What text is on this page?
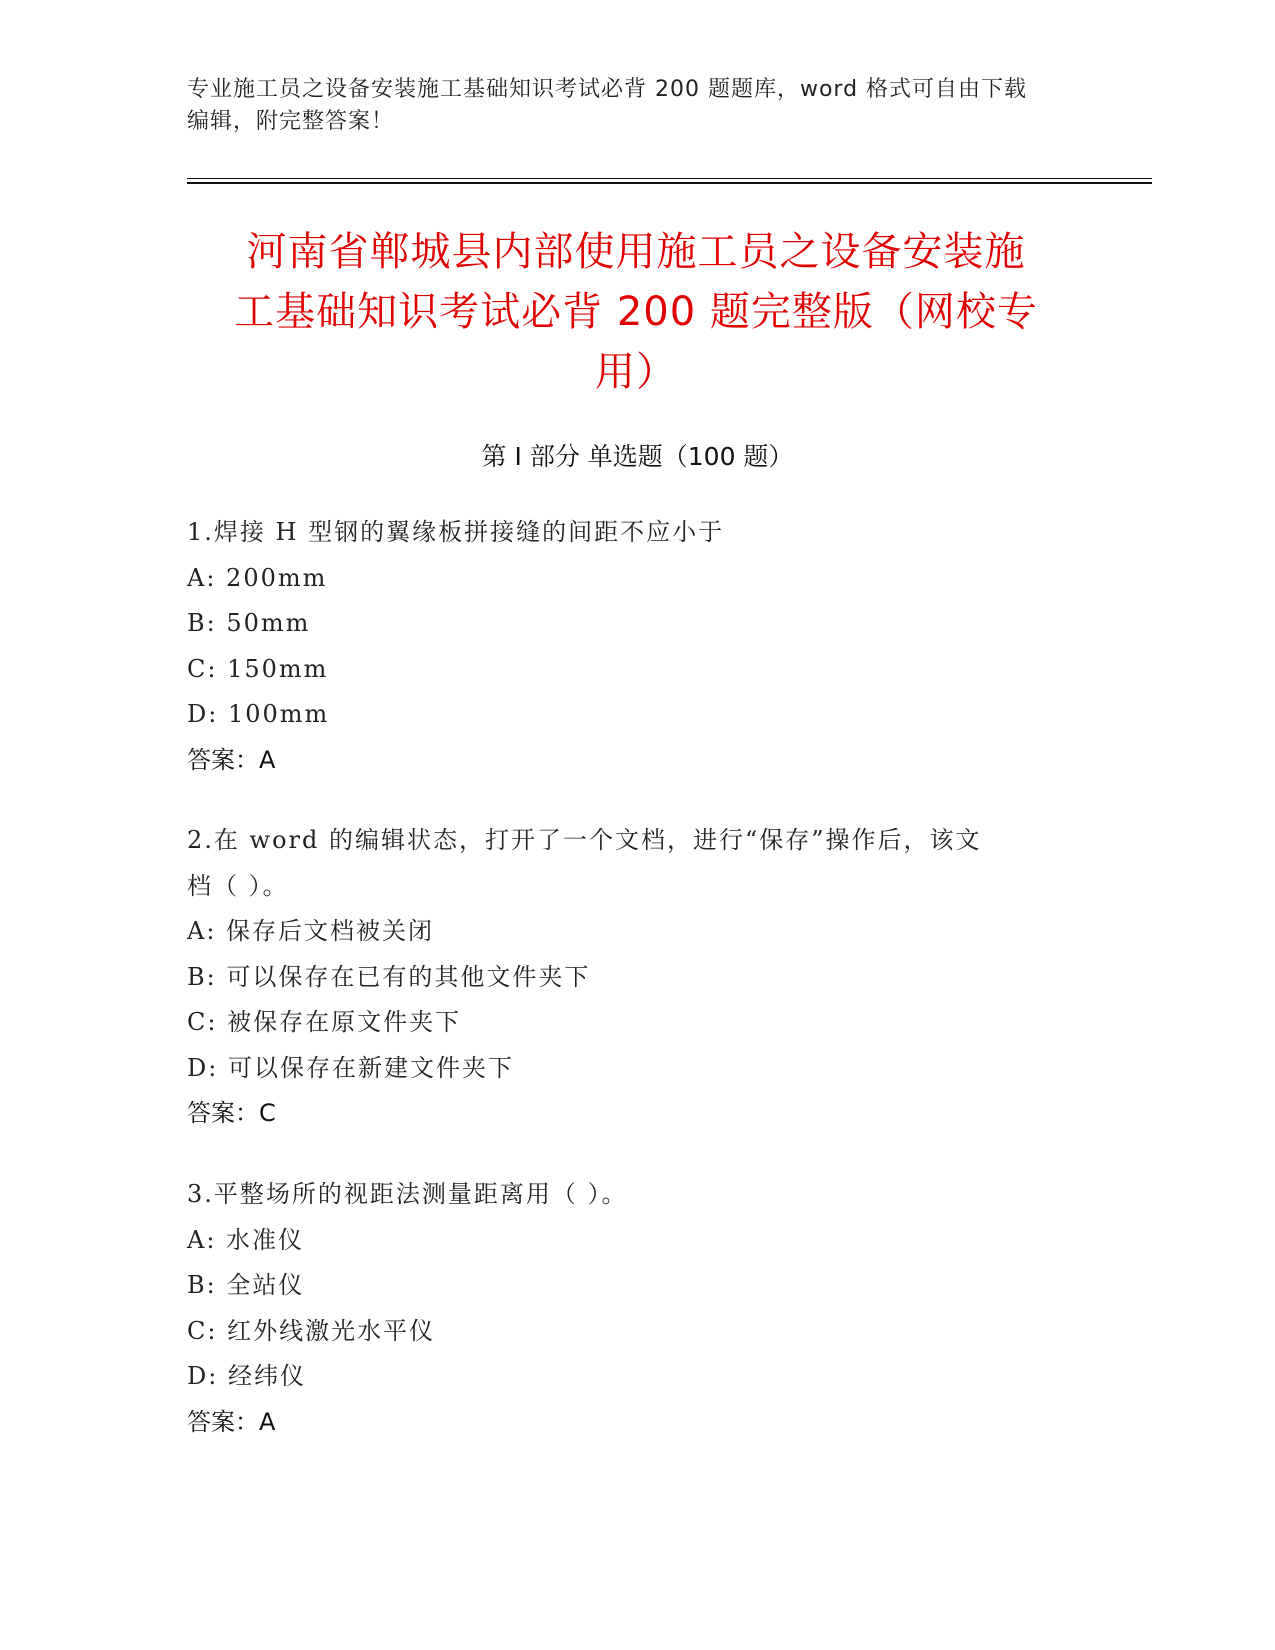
专业施工员之设备安装施工基础知识考试必背 200 题题库，word 格式可自由下载
编辑，附完整答案！
河南省郸城县内部使用施工员之设备安装施
工基础知识考试必背 200 题完整版（网校专
用）
第 I 部分 单选题（100 题）
1.焊接 H 型钢的翼缘板拼接缝的间距不应小于
A: 200mm
B: 50mm
C: 150mm
D: 100mm
答案：A
2.在 word 的编辑状态，打开了一个文档，进行“保存”操作后，该文
档（ ）。
A: 保存后文档被关闭
B: 可以保存在已有的其他文件夹下
C: 被保存在原文件夹下
D: 可以保存在新建文件夹下
答案：C
3.平整场所的视距法测量距离用（ ）。
A: 水准仪
B: 全站仪
C: 红外线激光水平仪
D: 经纬仪
答案：A
